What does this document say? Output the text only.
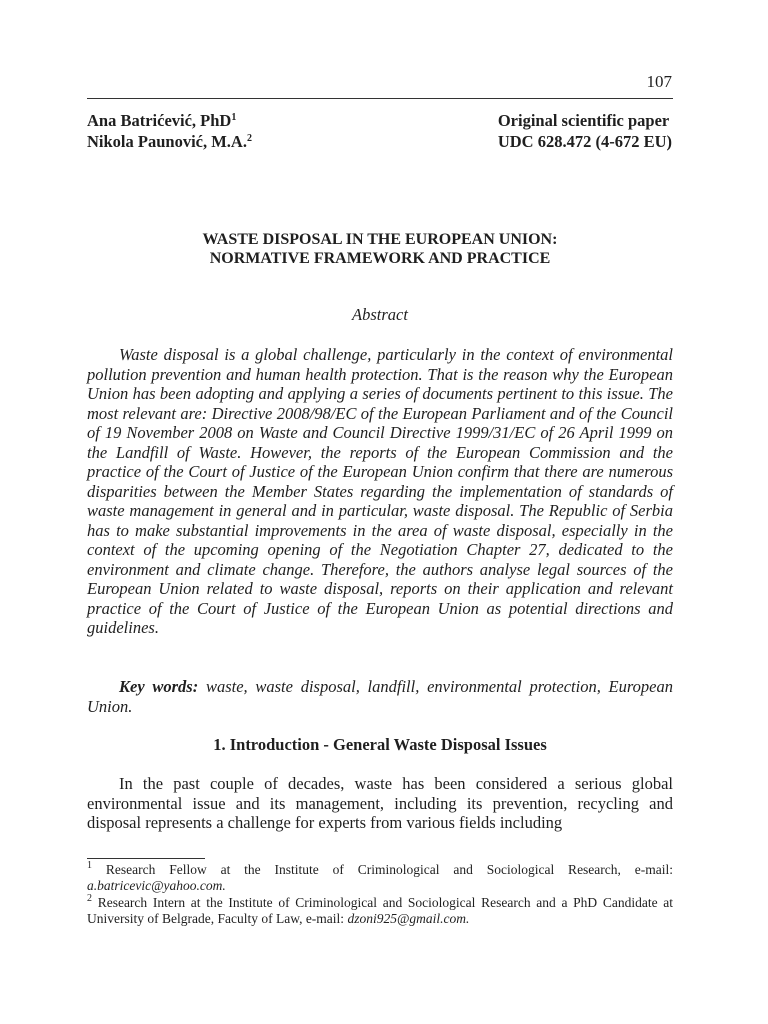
107
Ana Batrićević, PhD$^1$
Nikola Paunović, M.A.$^2$
Original scientific paper
UDC 628.472 (4-672 EU)
WASTE DISPOSAL IN THE EUROPEAN UNION:
NORMATIVE FRAMEWORK AND PRACTICE
Abstract

Waste disposal is a global challenge, particularly in the context of environmental pollution prevention and human health protection. That is the reason why the European Union has been adopting and applying a series of documents pertinent to this issue. The most relevant are: Directive 2008/98/EC of the European Parliament and of the Council of 19 November 2008 on Waste and Council Directive 1999/31/EC of 26 April 1999 on the Landfill of Waste. However, the reports of the European Commission and the practice of the Court of Justice of the European Union confirm that there are numerous disparities between the Member States regarding the implementation of standards of waste management in general and in particular, waste disposal. The Republic of Serbia has to make substantial improvements in the area of waste disposal, especially in the context of the upcoming opening of the Negotiation Chapter 27, dedicated to the environment and climate change. Therefore, the authors analyse legal sources of the European Union related to waste disposal, reports on their application and relevant practice of the Court of Justice of the European Union as potential directions and guidelines.

Key words: waste, waste disposal, landfill, environmental protection, European Union.

1. Introduction - General Waste Disposal Issues

In the past couple of decades, waste has been considered a serious global environmental issue and its management, including its prevention, recycling and disposal represents a challenge for experts from various fields including

$^1$ Research Fellow at the Institute of Criminological and Sociological Research, e-mail: a.batricevic@yahoo.com.

$^2$ Research Intern at the Institute of Criminological and Sociological Research and a PhD Candidate at University of Belgrade, Faculty of Law, e-mail: dzoni925@gmail.com.
